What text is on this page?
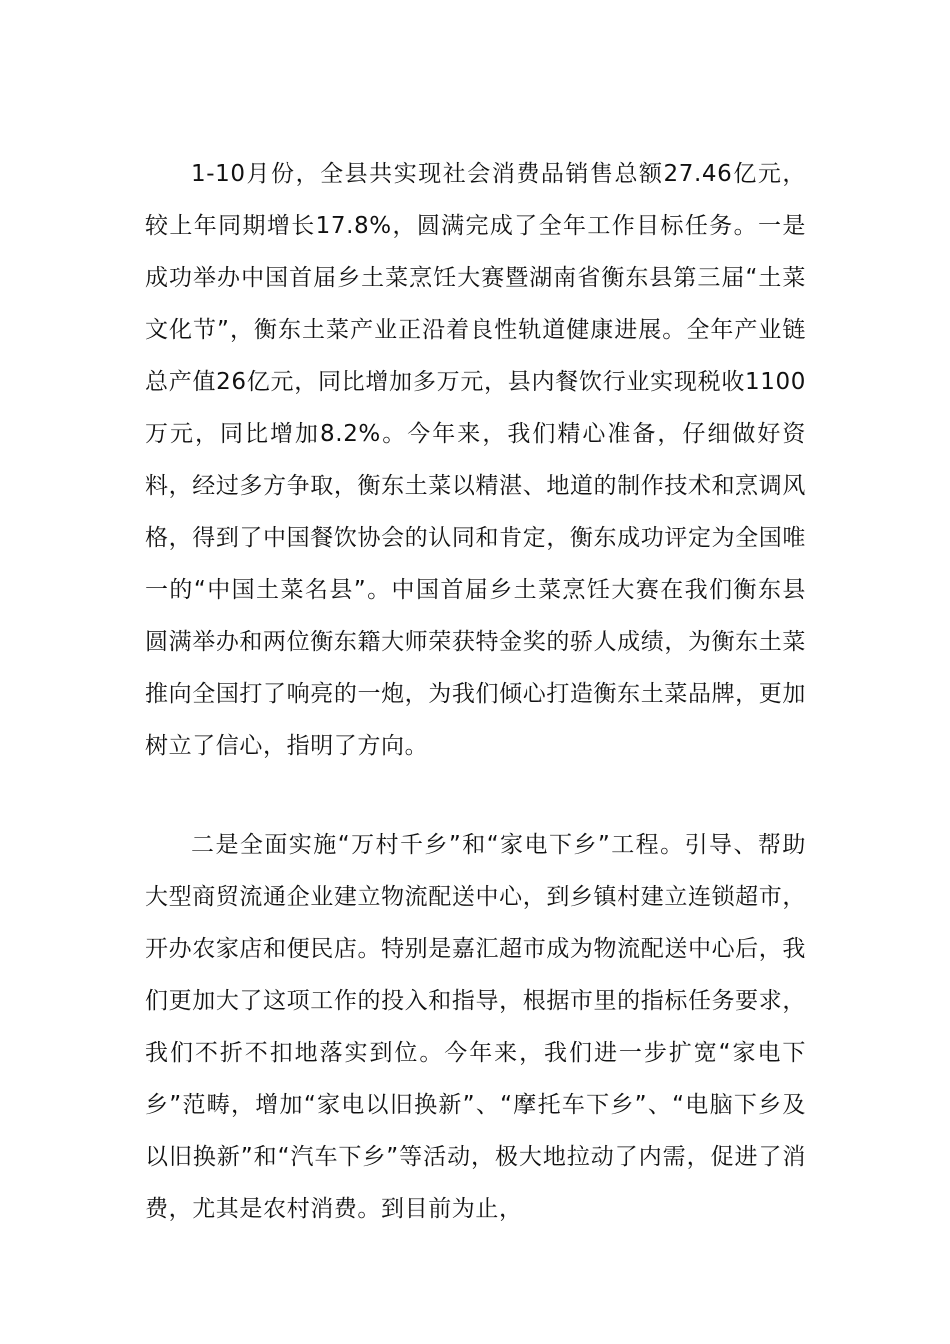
1-10月份，全县共实现社会消费品销售总额27.46亿元，较上年同期增长17.8%，圆满完成了全年工作目标任务。一是成功举办中国首届乡土菜烹饪大赛暨湖南省衡东县第三届“土菜文化节”，衡东土菜产业正沿着良性轨道健康进展。全年产业链总产值26亿元，同比增加多万元，县内餐饮行业实现税收1100万元，同比增加8.2%。今年来，我们精心准备，仔细做好资料，经过多方争取，衡东土菜以精湛、地道的制作技术和烹调风格，得到了中国餐饮协会的认同和肯定，衡东成功评定为全国唯一的“中国土菜名县”。中国首届乡土菜烹饪大赛在我们衡东县圆满举办和两位衡东籍大师荣获特金奖的骄人成绩，为衡东土菜推向全国打了响亮的一炮，为我们倾心打造衡东土菜品牌，更加树立了信心，指明了方向。

二是全面实施“万村千乡”和“家电下乡”工程。引导、帮助大型商贸流通企业建立物流配送中心，到乡镇村建立连锁超市，开办农家店和便民店。特别是嘉汇超市成为物流配送中心后，我们更加大了这项工作的投入和指导，根据市里的指标任务要求，我们不折不扣地落实到位。今年来，我们进一步扩宽“家电下乡”范畴，增加“家电以旧换新”、“摩托车下乡”、“电脑下乡及以旧换新”和“汽车下乡”等活动，极大地拉动了内需，促进了消费，尤其是农村消费。到目前为止，
